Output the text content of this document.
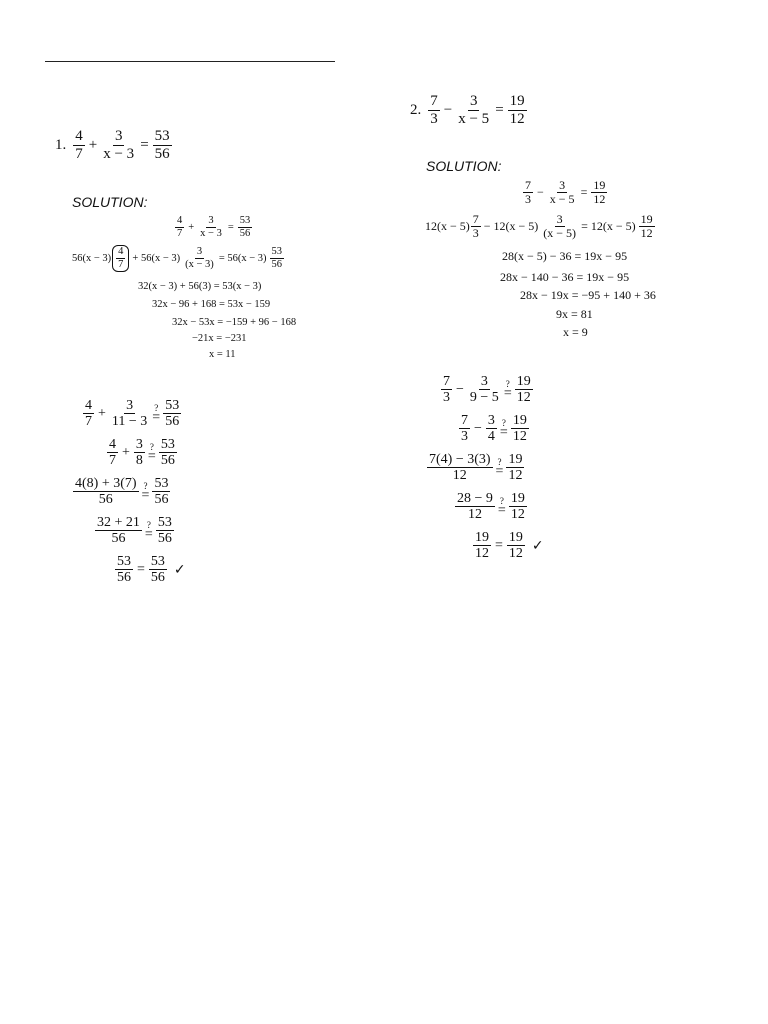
1. $\frac{4}{7} + \frac{3}{x - 3} = \frac{53}{56}$
SOLUTION:
$\frac{4}{7} + \frac{3}{x - 3} = \frac{53}{56}$
$56(x - 3) \frac{4}{7} + 56(x - 3) \frac{3}{(x - 3)} = 56(x - 3) \frac{53}{56}$
32(x − 3) + 56(3) = 53(x − 3)
32x − 96 + 168 = 53x − 159
32x − 53x = −159 + 96 − 168
−21x = −231
x = 11
$\frac{4}{7} + \frac{3}{11 - 3}$ ?
= $\frac{53}{56}$
$\frac{4}{7} + \frac{3}{8}$ ?
= $\frac{53}{56}$
$\frac{4(8) + 3(7)}{56}$ ?
= $\frac{53}{56}$
$\frac{32 + 21}{56}$ ?
= $\frac{53}{56}$
$\frac{53}{56} = \frac{53}{56}$ ✓
2. $\frac{7}{3} - \frac{3}{x - 5} = \frac{19}{12}$
SOLUTION:
$\frac{7}{3} - \frac{3}{x - 5} = \frac{19}{12}$
$12(x - 5) \frac{7}{3} - 12(x - 5) \frac{3}{(x - 5)} = 12(x - 5) \frac{19}{12}$
28(x − 5) − 36 = 19x − 95
28x − 140 − 36 = 19x − 95
28x − 19x = −95 + 140 + 36
9x = 81
x = 9
$\frac{7}{3} - \frac{3}{9 - 5}$ ?
= $\frac{19}{12}$
$\frac{7}{3} - \frac{3}{4}$ ?
= $\frac{19}{12}$
$\frac{7(4) - 3(3)}{12}$ ?
= $\frac{19}{12}$
$\frac{28 - 9}{12}$ ?
= $\frac{19}{12}$
$\frac{19}{12} = \frac{19}{12}$ ✓
